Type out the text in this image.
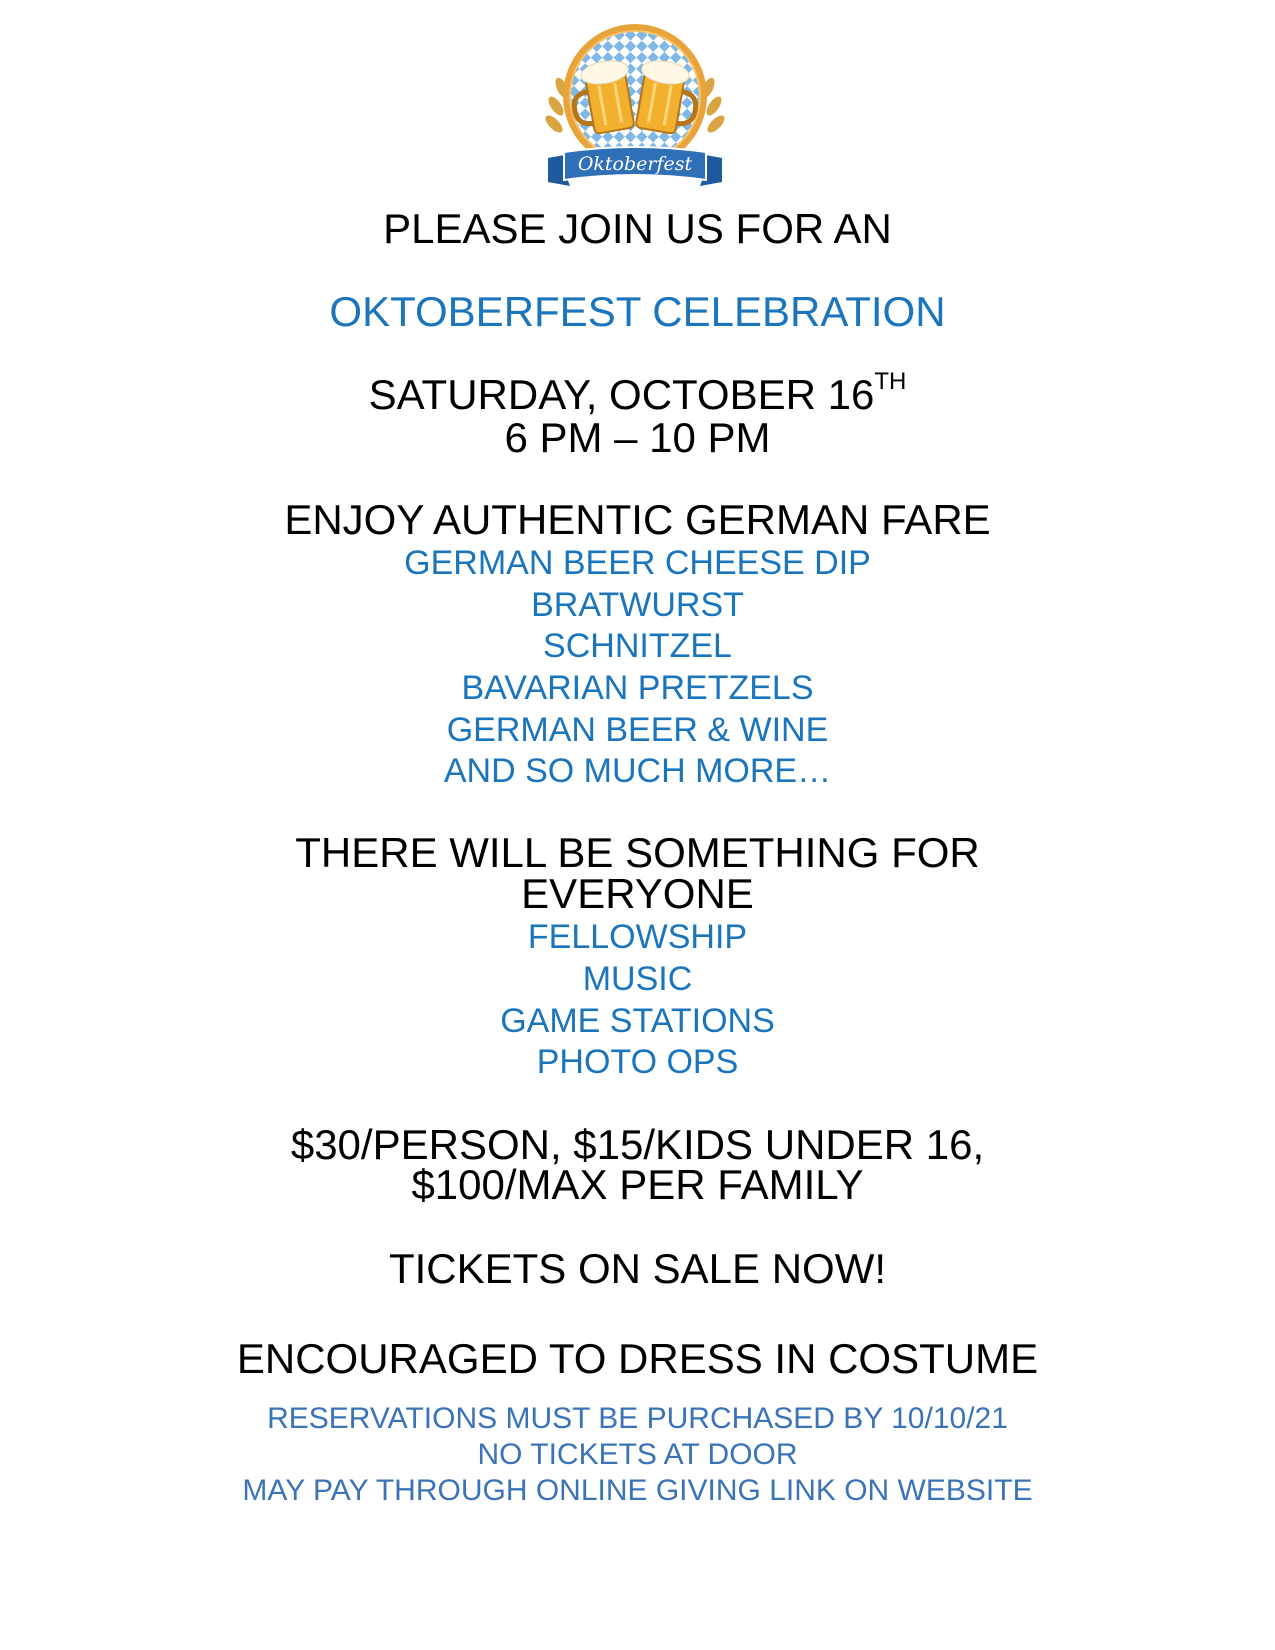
Oktoberfest
PLEASE JOIN US FOR AN
OKTOBERFEST CELEBRATION
SATURDAY, OCTOBER 16TH
6 PM – 10 PM
ENJOY AUTHENTIC GERMAN FARE
GERMAN BEER CHEESE DIP
BRATWURST
SCHNITZEL
BAVARIAN PRETZELS
GERMAN BEER & WINE
AND SO MUCH MORE…
THERE WILL BE SOMETHING FOR
EVERYONE
FELLOWSHIP
MUSIC
GAME STATIONS
PHOTO OPS
$30/PERSON, $15/KIDS UNDER 16,
$100/MAX PER FAMILY
TICKETS ON SALE NOW!
ENCOURAGED TO DRESS IN COSTUME
RESERVATIONS MUST BE PURCHASED BY 10/10/21
NO TICKETS AT DOOR
MAY PAY THROUGH ONLINE GIVING LINK ON WEBSITE
